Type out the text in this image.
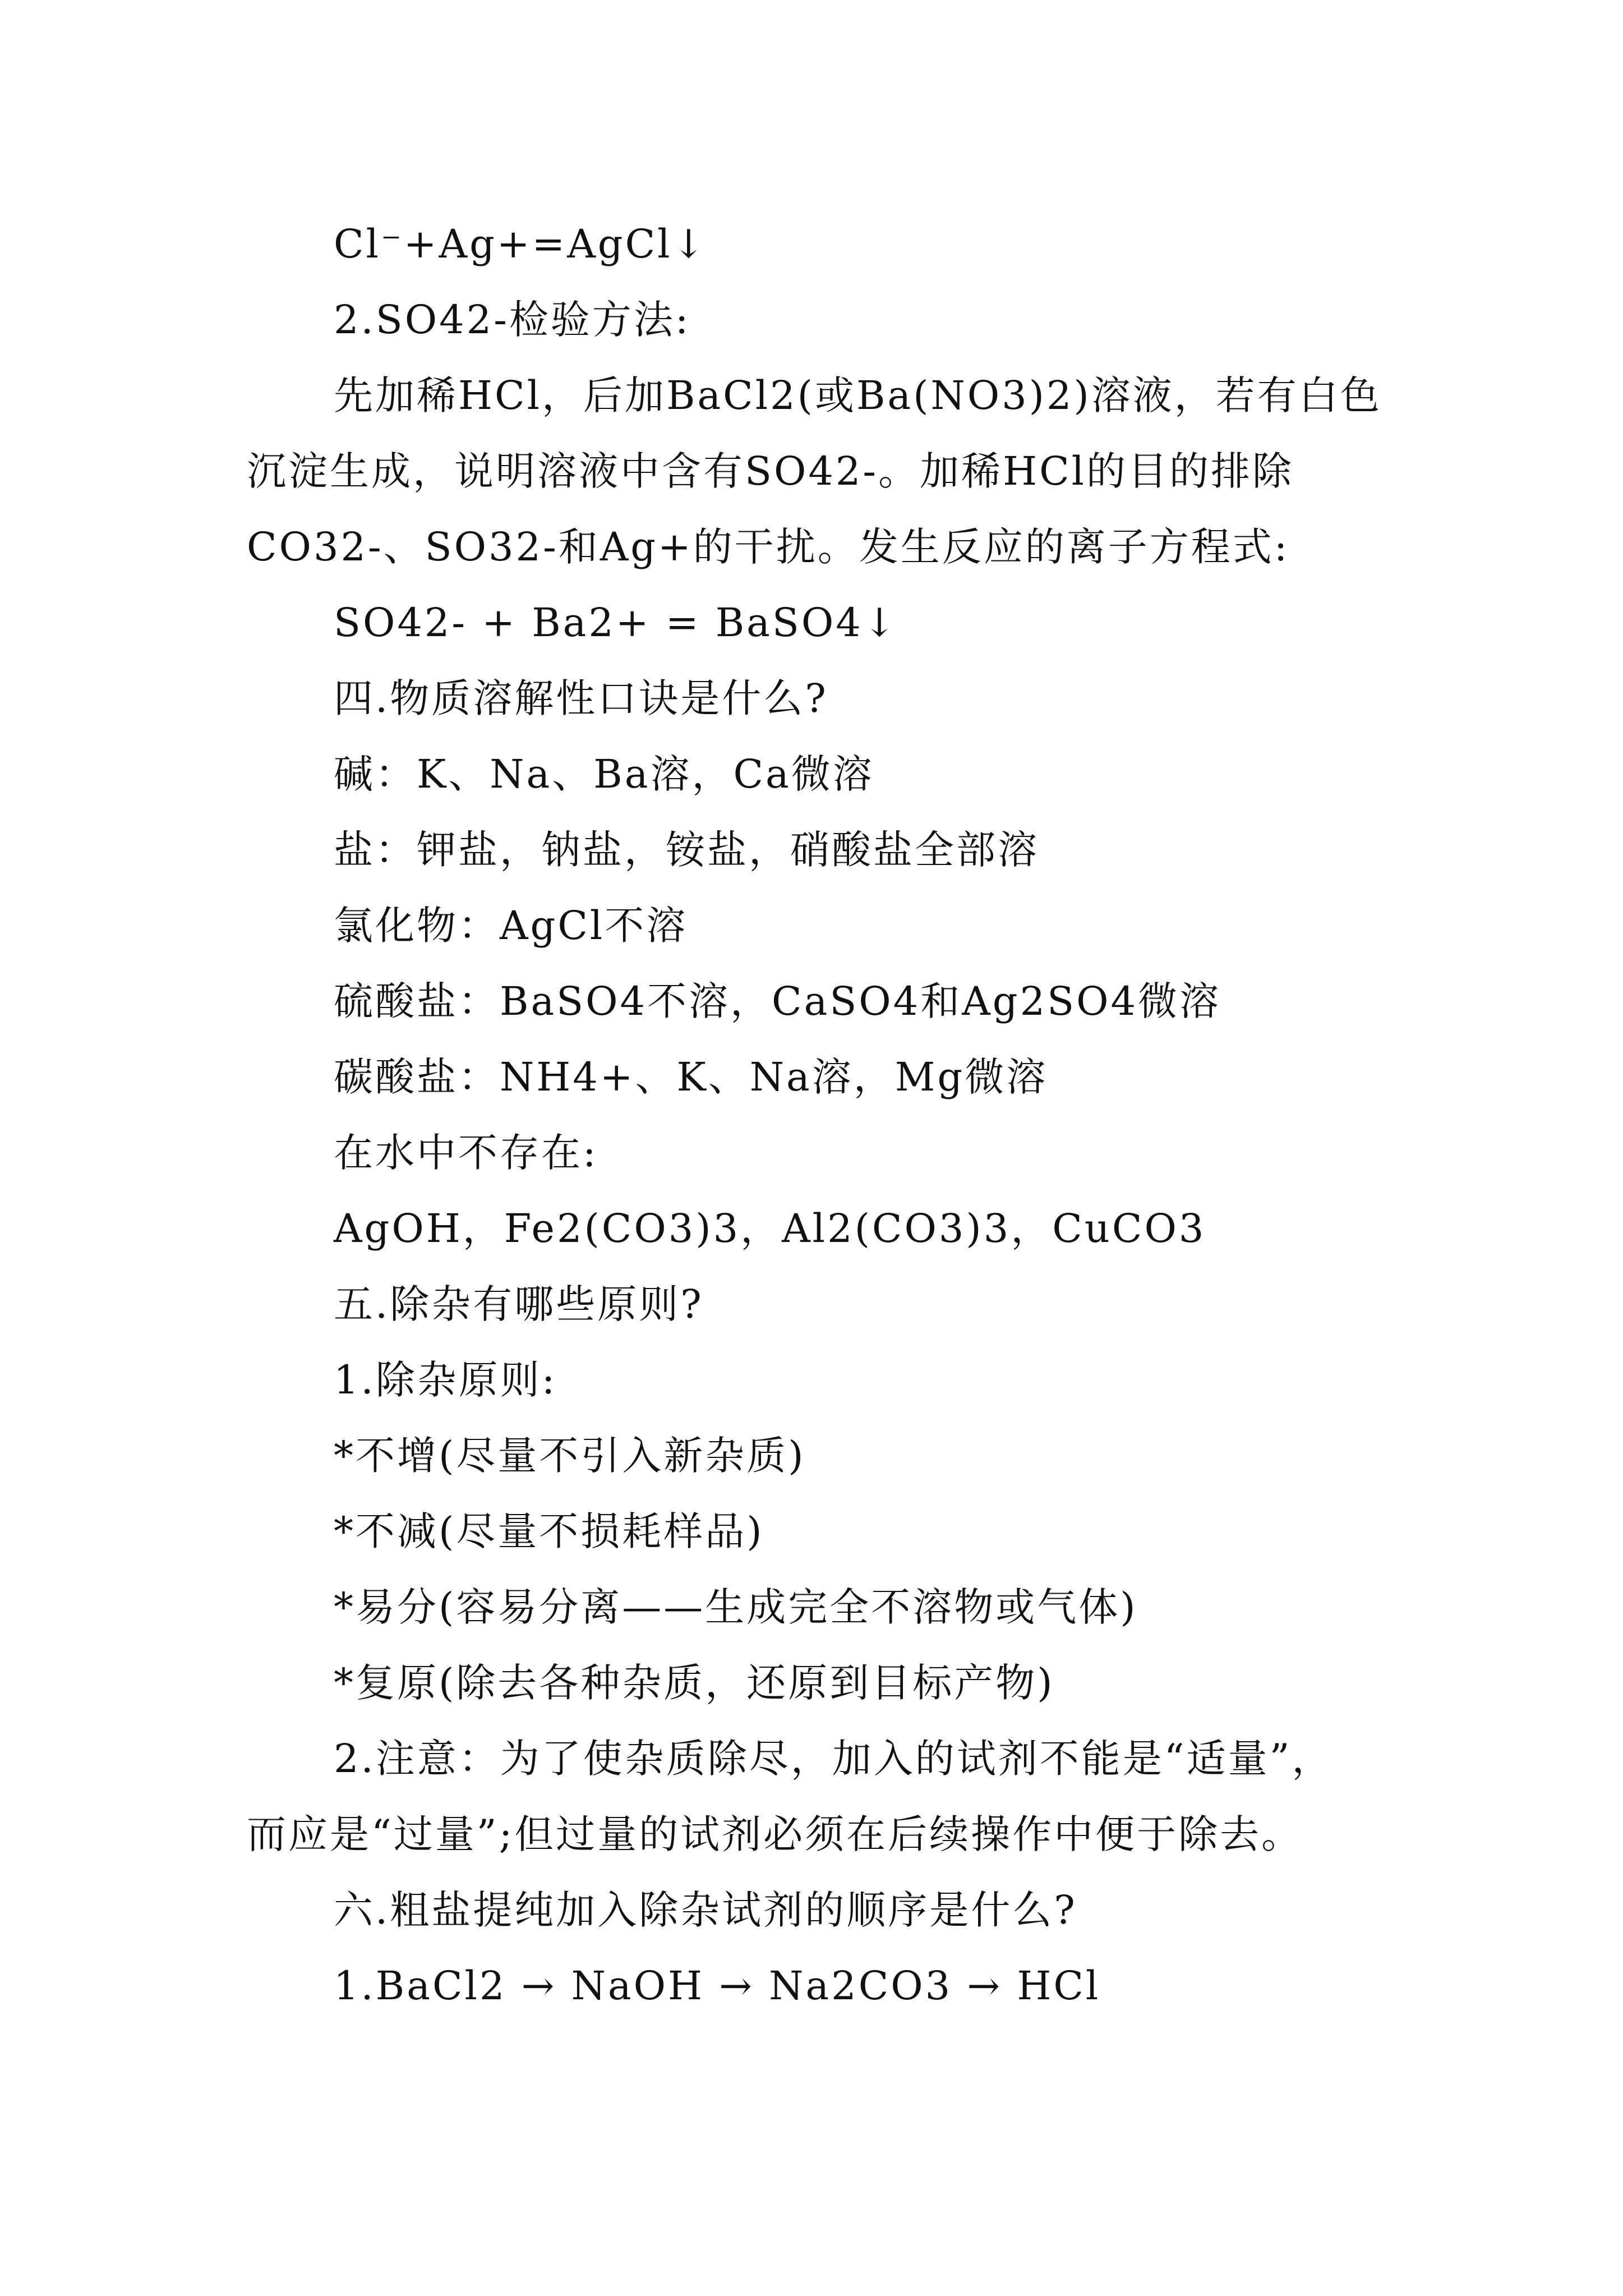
Cl⁻+Ag+=AgCl↓

2.SO42-检验方法:

先加稀HCl，后加BaCl2(或Ba(NO3)2)溶液，若有白色

沉淀生成，说明溶液中含有SO42-。加稀HCl的目的排除

CO32-、SO32-和Ag+的干扰。发生反应的离子方程式:

SO42- + Ba2+ = BaSO4↓

四.物质溶解性口诀是什么?

碱：K、Na、Ba溶，Ca微溶

盐：钾盐，钠盐，铵盐，硝酸盐全部溶

氯化物：AgCl不溶

硫酸盐：BaSO4不溶，CaSO4和Ag2SO4微溶

碳酸盐：NH4+、K、Na溶，Mg微溶

在水中不存在:

AgOH，Fe2(CO3)3，Al2(CO3)3，CuCO3

五.除杂有哪些原则?

1.除杂原则:

*不增(尽量不引入新杂质)

*不减(尽量不损耗样品)

*易分(容易分离——生成完全不溶物或气体)

*复原(除去各种杂质，还原到目标产物)

2.注意：为了使杂质除尽，加入的试剂不能是“适量”，

而应是“过量”;但过量的试剂必须在后续操作中便于除去。

六.粗盐提纯加入除杂试剂的顺序是什么?

1.BaCl2 → NaOH → Na2CO3 → HCl
